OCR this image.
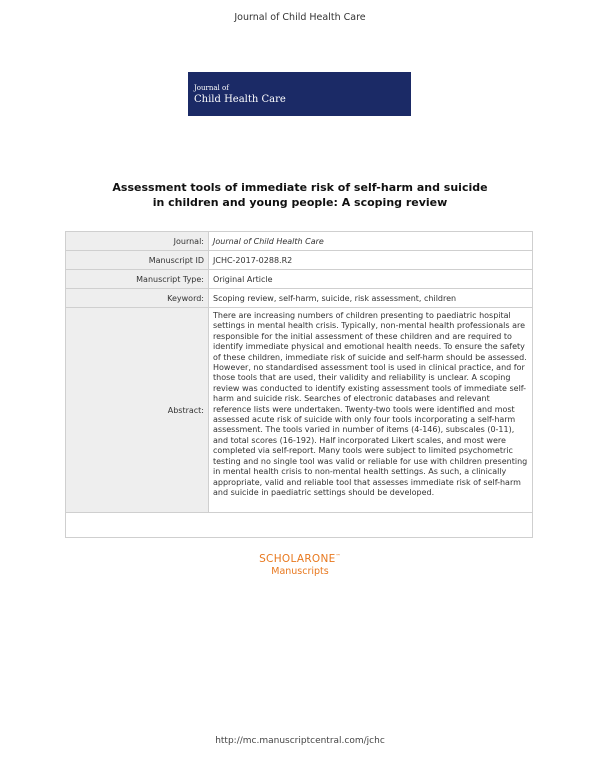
Journal of Child Health Care
Journal of
Child Health Care
Assessment tools of immediate risk of self-harm and suicide
in children and young people: A scoping review
Journal:	Journal of Child Health Care
Manuscript ID	JCHC-2017-0288.R2
Manuscript Type:	Original Article
Keyword:	Scoping review, self-harm, suicide, risk assessment, children
Abstract:	There are increasing numbers of children presenting to paediatric hospital settings in mental health crisis. Typically, non-mental health professionals are responsible for the initial assessment of these children and are required to identify immediate physical and emotional health needs. To ensure the safety of these children, immediate risk of suicide and self-harm should be assessed. However, no standardised assessment tool is used in clinical practice, and for those tools that are used, their validity and reliability is unclear. A scoping review was conducted to identify existing assessment tools of immediate self-harm and suicide risk. Searches of electronic databases and relevant reference lists were undertaken. Twenty-two tools were identified and most assessed acute risk of suicide with only four tools incorporating a self-harm assessment. The tools varied in number of items (4-146), subscales (0-11), and total scores (16-192). Half incorporated Likert scales, and most were completed via self-report. Many tools were subject to limited psychometric testing and no single tool was valid or reliable for use with children presenting in mental health crisis to non-mental health settings. As such, a clinically appropriate, valid and reliable tool that assesses immediate risk of self-harm and suicide in paediatric settings should be developed.

SCHOLARONE™
Manuscripts
http://mc.manuscriptcentral.com/jchc
